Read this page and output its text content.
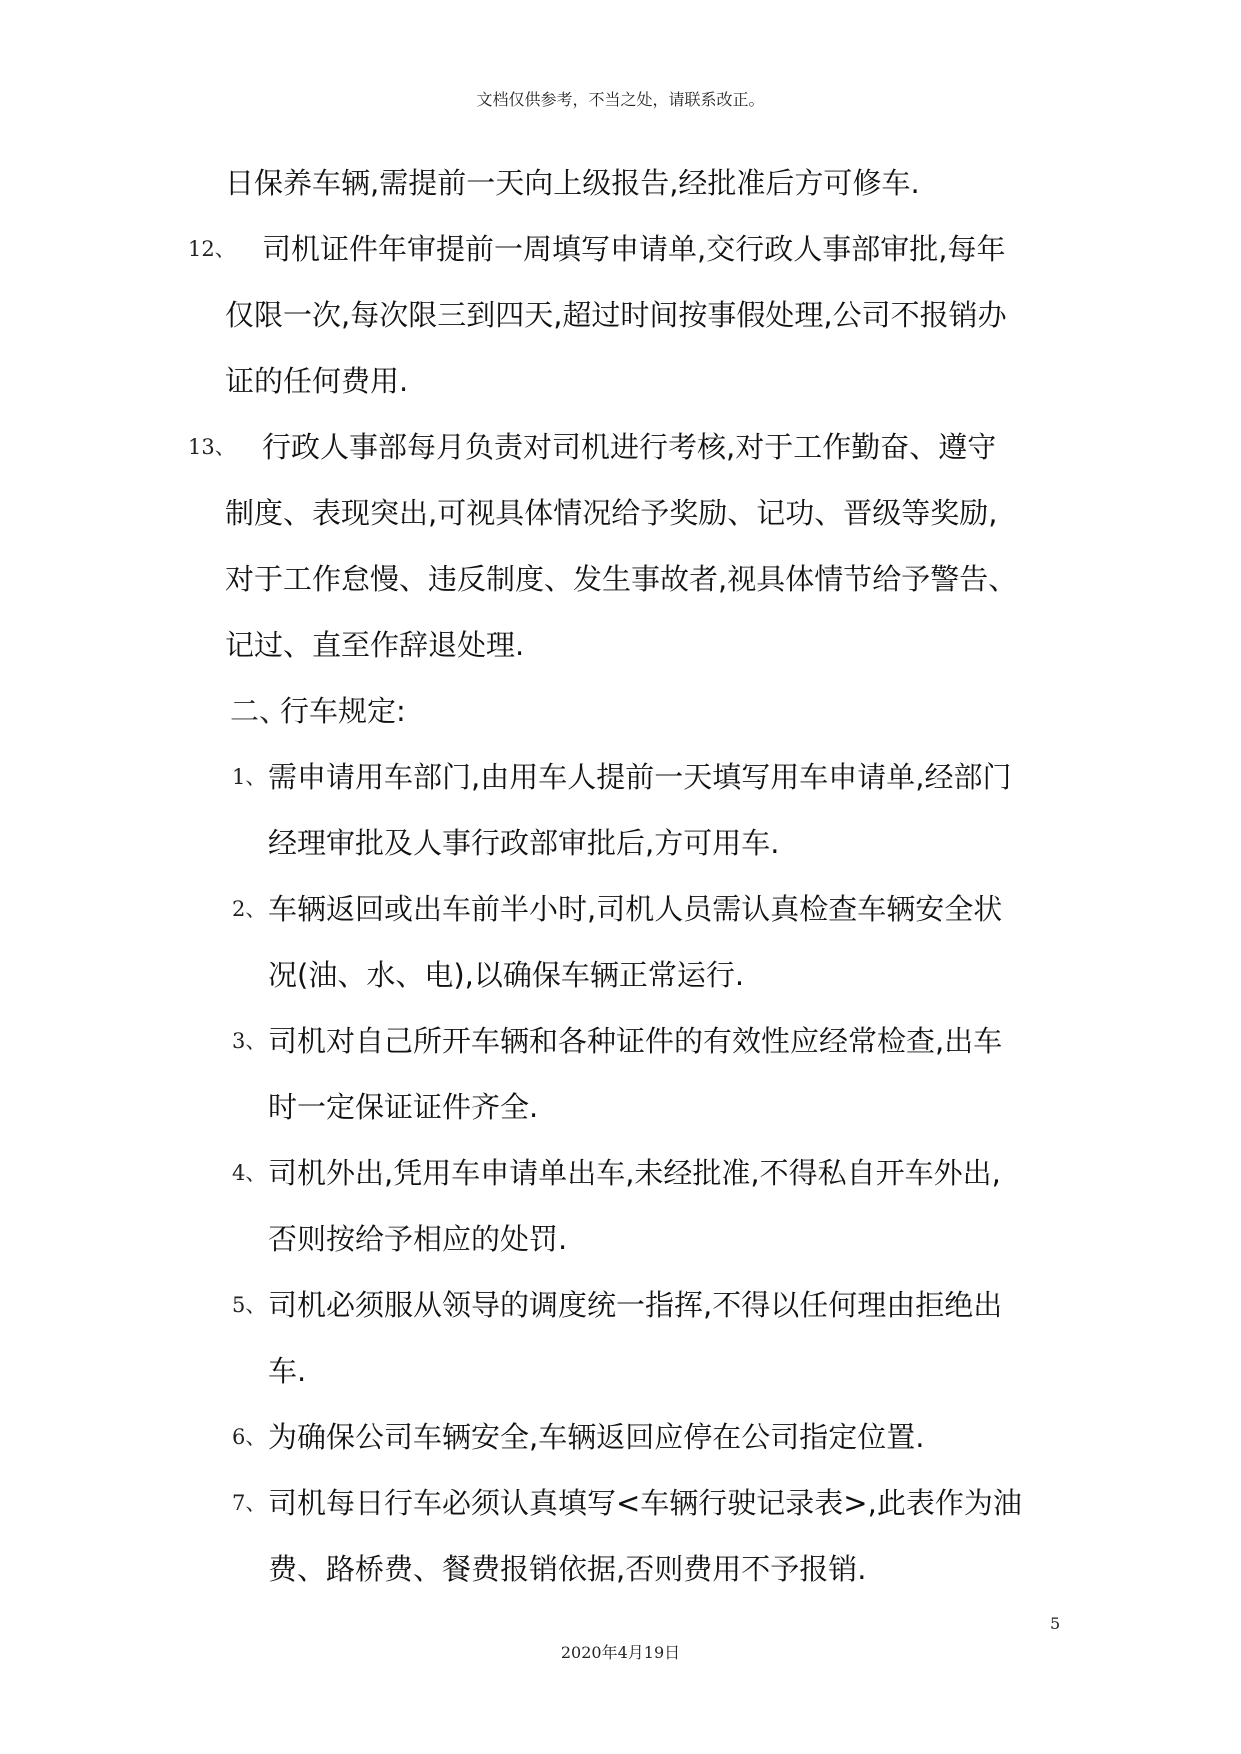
文档仅供参考，不当之处，请联系改正。
日保养车辆,需提前一天向上级报告,经批准后方可修车.
12、 司机证件年审提前一周填写申请单,交行政人事部审批,每年
仅限一次,每次限三到四天,超过时间按事假处理,公司不报销办
证的任何费用.
13、 行政人事部每月负责对司机进行考核,对于工作勤奋、遵守
制度、表现突出,可视具体情况给予奖励、记功、晋级等奖励,
对于工作怠慢、违反制度、发生事故者,视具体情节给予警告、
记过、直至作辞退处理.
二、
行车规定:
1、 需申请用车部门,由用车人提前一天填写用车申请单,经部门
经理审批及人事行政部审批后,方可用车.
2、 车辆返回或出车前半小时,司机人员需认真检查车辆安全状
况(油、水、电),以确保车辆正常运行.
3、 司机对自己所开车辆和各种证件的有效性应经常检查,出车
时一定保证证件齐全.
4、 司机外出,凭用车申请单出车,未经批准,不得私自开车外出,
否则按给予相应的处罚.
5、 司机必须服从领导的调度统一指挥,不得以任何理由拒绝出
车.
6、 为确保公司车辆安全,车辆返回应停在公司指定位置.
7、 司机每日行车必须认真填写<车辆行驶记录表>,此表作为油
费、路桥费、餐费报销依据,否则费用不予报销.
5
2020年4月19日
